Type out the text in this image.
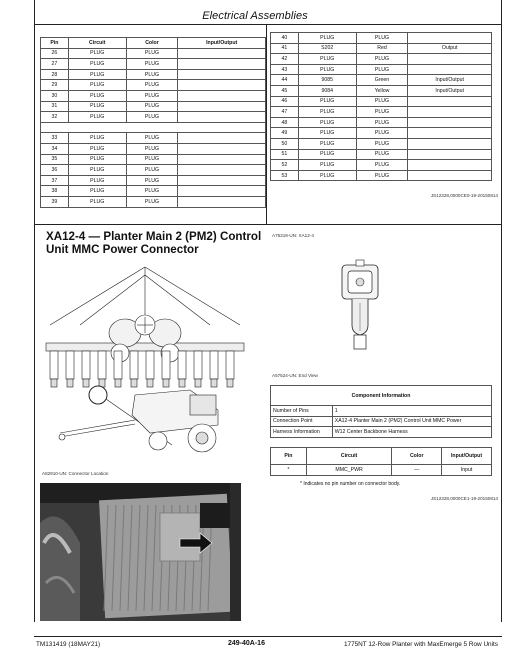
Electrical Assemblies
Pin	Circuit	Color	Input/Output
26	PLUG	PLUG	
27	PLUG	PLUG	
28	PLUG	PLUG	
29	PLUG	PLUG	
30	PLUG	PLUG	
31	PLUG	PLUG	
32	PLUG	PLUG	

33	PLUG	PLUG	
34	PLUG	PLUG	
35	PLUG	PLUG	
36	PLUG	PLUG	
37	PLUG	PLUG	
38	PLUG	PLUG	
39	PLUG	PLUG	
40	PLUG	PLUG	
41	S202	Red	Output
42	PLUG	PLUG	
43	PLUG	PLUG	
44	9085	Green	Input/Output
45	9084	Yellow	Input/Output
46	PLUG	PLUG	
47	PLUG	PLUG	
48	PLUG	PLUG	
49	PLUG	PLUG	
50	PLUG	PLUG	
51	PLUG	PLUG	
52	PLUG	PLUG	
53	PLUG	PLUG	
JS12328,0000CE0-19-20150814
XA12-4 — Planter Main 2 (PM2) Control Unit MMC Power Connector
A75319-UN: XA12-4
A57524-UN: End View
A82910-UN: Connector Location
Component Information	
Number of Pins	1
Connection Point	XA12-4 Planter Main 2 (PM2) Control Unit MMC Power
Harness Information	W12 Center Backbone Harness
Pin	Circuit	Color	Input/Output
*	MMC_PWR	—	Input
* Indicates no pin number on connector body.
JS12328,0000CE1-19-20150814
TM131419 (18MAY21)	249-40A-16	1775NT 12-Row Planter with MaxEmerge 5 Row Units
